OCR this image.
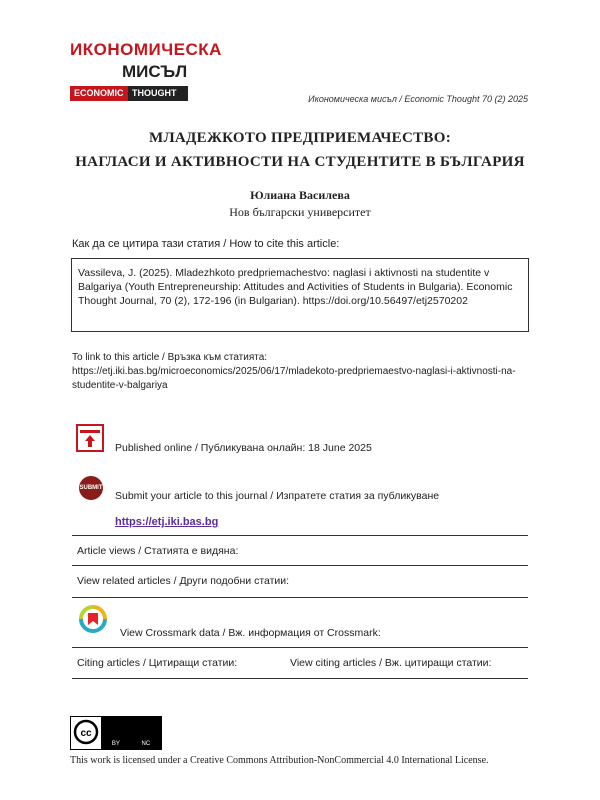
ИКОНОМИЧЕСКА
МИСЪЛ
ECONOMIC THOUGHT
Икономическа мисъл / Economic Thought 70 (2) 2025
МЛАДЕЖКОТО ПРЕДПРИЕМАЧЕСТВО:
НАГЛАСИ И АКТИВНОСТИ НА СТУДЕНТИТЕ В БЪЛГАРИЯ
Юлиана Василева
Нов български университет
Как да се цитира тази статия / How to cite this article:
Vassileva, J. (2025). Mladezhkoto predpriemachestvo: naglasi i aktivnosti na studentite v Balgariya (Youth Entrepreneurship: Attitudes and Activities of Students in Bulgaria). Economic Thought Journal, 70 (2), 172-196 (in Bulgarian). https://doi.org/10.56497/etj2570202
To link to this article / Връзка към статията:
https://etj.iki.bas.bg/microeconomics/2025/06/17/mladekoto-predpriemaestvo-naglasi-i-aktivnosti-na-studentite-v-balgariya
Published online / Публикувана онлайн: 18 June 2025
SUBMIT
Submit your article to this journal / Изпратете статия за публикуване
https://etj.iki.bas.bg
Article views / Статията е видяна:
View related articles / Други подобни статии:
View Crossmark data / Вж. информация от Crossmark:
Citing articles / Цитиращи статии:	View citing articles / Вж. цитиращи статии:
cc
BY	NC
This work is licensed under a Creative Commons Attribution-NonCommercial 4.0 International License.
